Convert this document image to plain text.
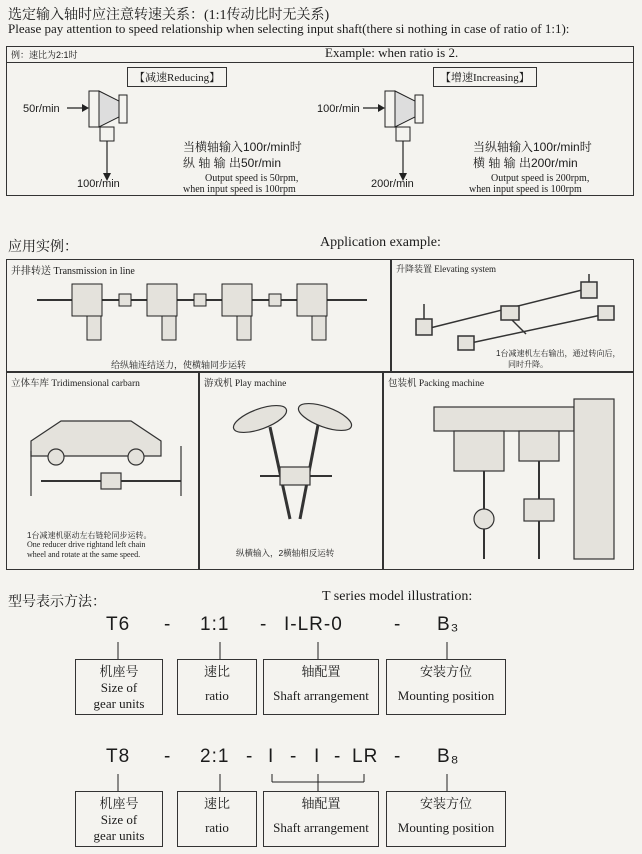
选定输入轴时应注意转速关系：(1:1传动比时无关系)
Please pay attention to speed relationship when selecting input shaft(there si nothing in case of ratio of 1:1):
例：速比为2:1时	Example: when ratio is 2.
【减速Reducing】
50r/min
100r/min
当横轴输入100r/min时
纵 轴 输 出50r/min
Output speed is 50rpm,
when input speed is 100rpm
【增速Increasing】
100r/min
200r/min
当纵轴输入100r/min时
横 轴 输 出200r/min
Output speed is 200rpm,
when input speed is 100rpm
应用实例：	Application example:
并排转送 Transmission in line
给纵轴连结送力，使横轴同步运转
升降装置 Elevating system
1台减速机左右输出，通过转向后，
同时升降。
立体车库 Tridimensional carbarn
1台减速机驱动左右链轮同步运转。
One reducer drive rightand left chain
wheel and rotate at the same speed.
游戏机 Play machine
纵横输入，2横轴相反运转
包装机 Packing machine
型号表示方法：	T series model illustration:
T6 - 1:1 - I-LR-0	- B₃
机座号
Size of
gear units
速比
ratio
轴配置
Shaft arrangement
安装方位
Mounting position
T8 - 2:1 - I - I - LR - B₈
机座号
Size of
gear units
速比
ratio
轴配置
Shaft arrangement
安装方位
Mounting position
